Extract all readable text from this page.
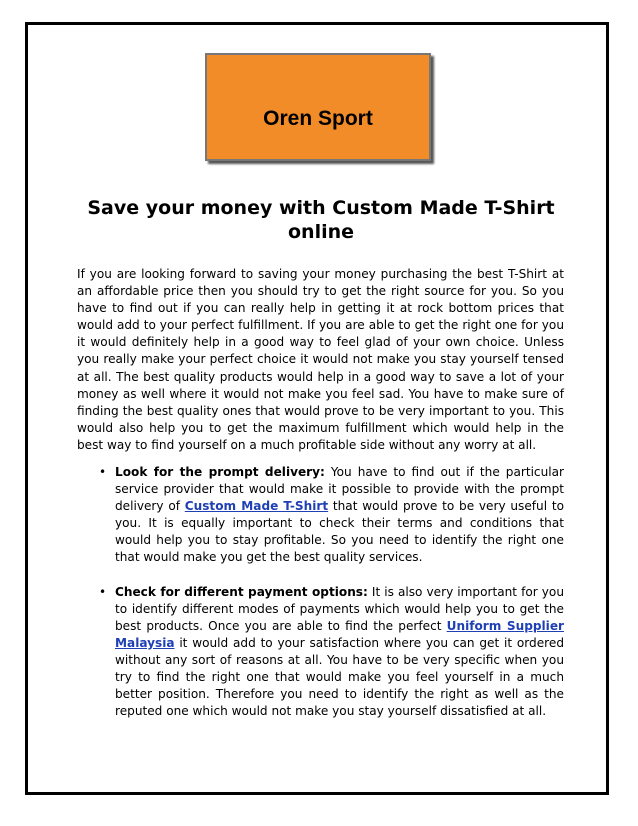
Oren Sport
Save your money with Custom Made T-Shirt online
If you are looking forward to saving your money purchasing the best T-Shirt at an affordable price then you should try to get the right source for you. So you have to find out if you can really help in getting it at rock bottom prices that would add to your perfect fulfillment. If you are able to get the right one for you it would definitely help in a good way to feel glad of your own choice. Unless you really make your perfect choice it would not make you stay yourself tensed at all. The best quality products would help in a good way to save a lot of your money as well where it would not make you feel sad. You have to make sure of finding the best quality ones that would prove to be very important to you. This would also help you to get the maximum fulfillment which would help in the best way to find yourself on a much profitable side without any worry at all.
• Look for the prompt delivery: You have to find out if the particular service provider that would make it possible to provide with the prompt delivery of Custom Made T-Shirt that would prove to be very useful to you. It is equally important to check their terms and conditions that would help you to stay profitable. So you need to identify the right one that would make you get the best quality services.
• Check for different payment options: It is also very important for you to identify different modes of payments which would help you to get the best products. Once you are able to find the perfect Uniform Supplier Malaysia it would add to your satisfaction where you can get it ordered without any sort of reasons at all. You have to be very specific when you try to find the right one that would make you feel yourself in a much better position. Therefore you need to identify the right as well as the reputed one which would not make you stay yourself dissatisfied at all.
